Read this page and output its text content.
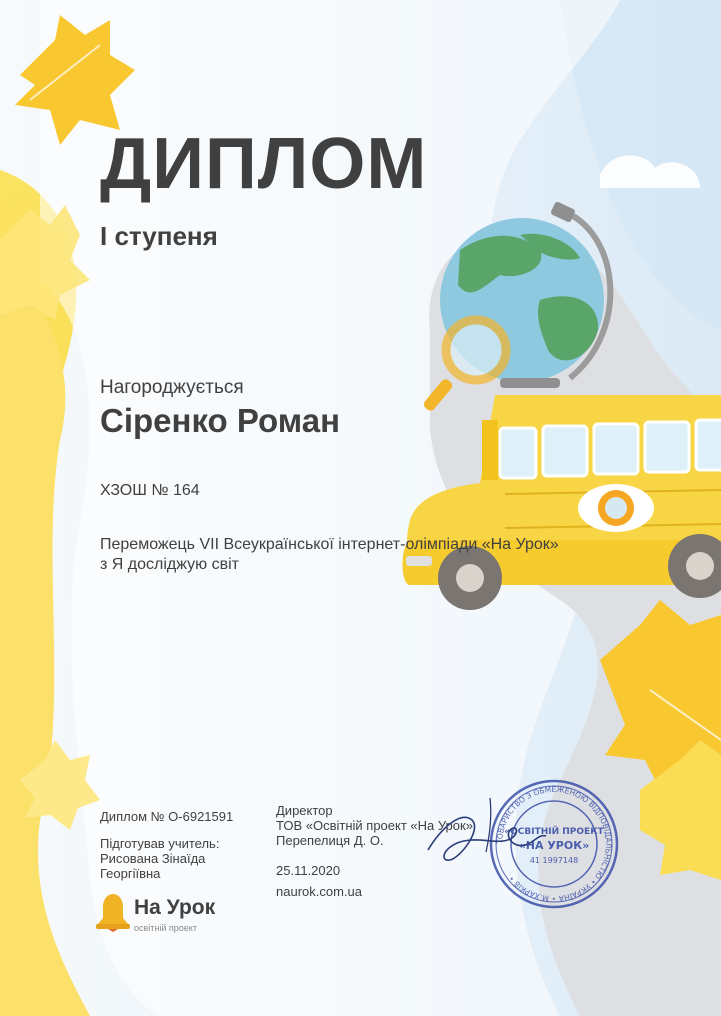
ДИПЛОМ
І ступеня
Нагороджується
Сіренко Роман
ХЗОШ № 164
Переможець VII Всеукраїнської інтернет-олімпіади «На Урок»
з Я досліджую світ
Диплом № О-6921591
Підготував учитель:
Рисована Зінаїда
Георгіївна
Директор
ТОВ «Освітній проект «На Урок»
Перепелиця Д. О.
25.11.2020
naurok.com.ua
На Урок
освітній проект
ТОВАРИСТВО З ОБМЕЖЕНОЮ ВІДПОВІДАЛЬНІСТЮ • УКРАЇНА • М.ХАРКІВ •
«ОСВІТНІЙ ПРОЕКТ
«НА УРОК»
41 1997148
